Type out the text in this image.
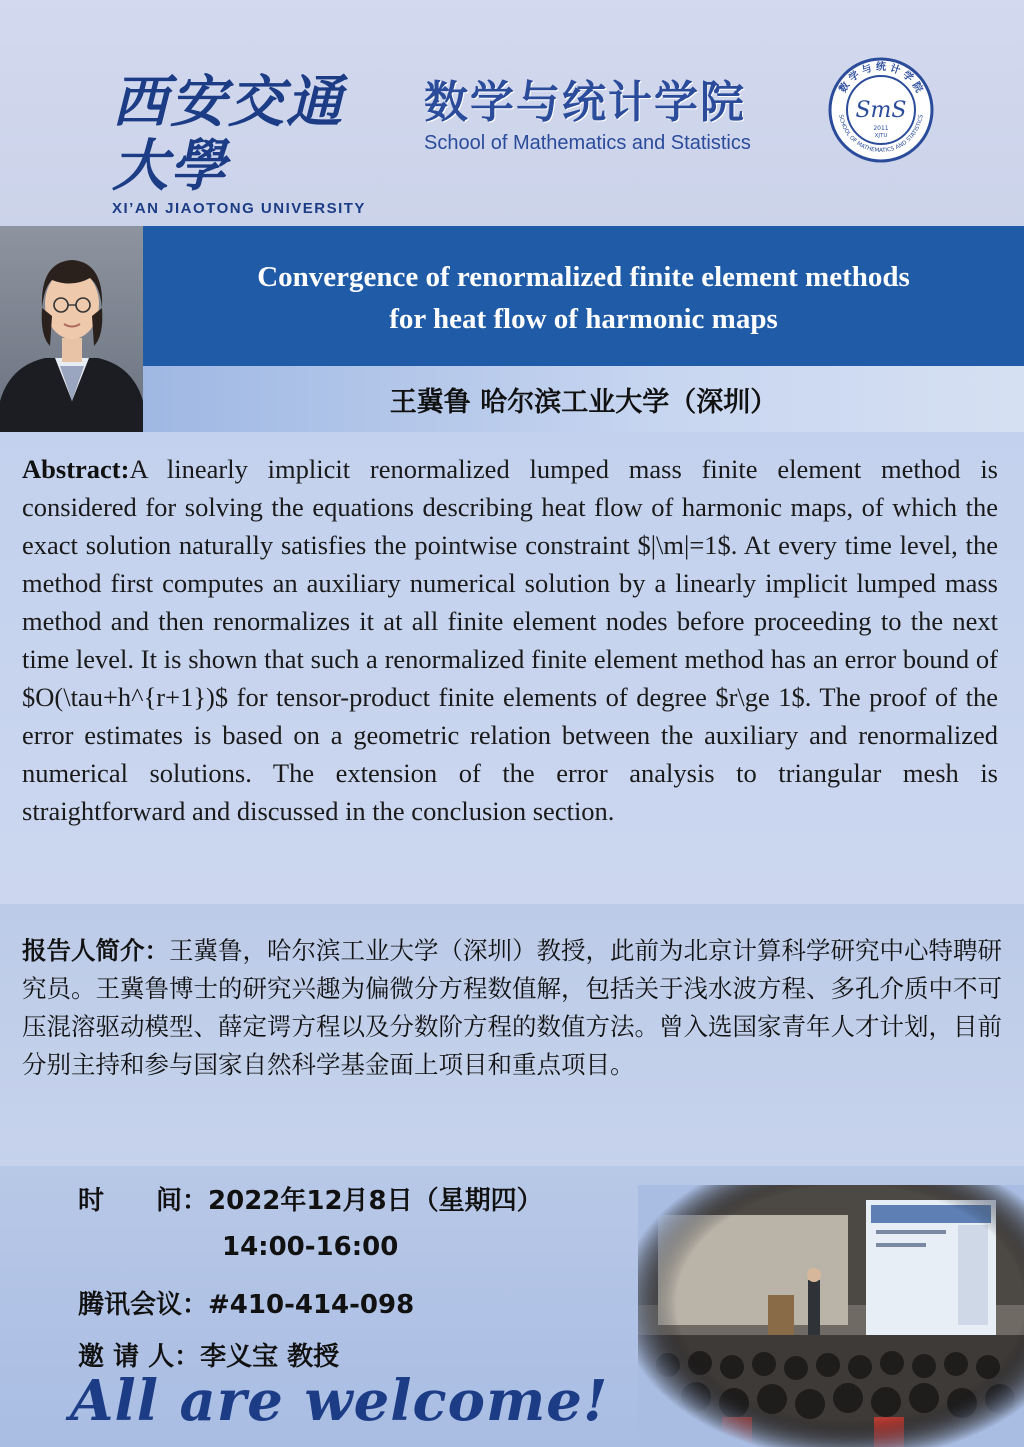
西安交通大學
XI’AN JIAOTONG UNIVERSITY
数学与统计学院
School of Mathematics and Statistics
数 学 与 统 计 学 院
SCHOOL OF MATHEMATICS AND STATISTICS
SmS
2011
XJTU
Convergence of renormalized finite element methods
for heat flow of harmonic maps
王冀鲁 哈尔滨工业大学（深圳）
Abstract:A linearly implicit renormalized lumped mass finite element method is considered for solving the equations describing heat flow of harmonic maps, of which the exact solution naturally satisfies the pointwise constraint $|\m|=1$. At every time level, the method first computes an auxiliary numerical solution by a linearly implicit lumped mass method and then renormalizes it at all finite element nodes before proceeding to the next time level. It is shown that such a renormalized finite element method has an error bound of $O(\tau+h^{r+1})$ for tensor-product finite elements of degree $r\ge 1$. The proof of the error estimates is based on a geometric relation between the auxiliary and renormalized numerical solutions. The extension of the error analysis to triangular mesh is straightforward and discussed in the conclusion section.
报告人简介：王冀鲁，哈尔滨工业大学（深圳）教授，此前为北京计算科学研究中心特聘研究员。王冀鲁博士的研究兴趣为偏微分方程数值解，包括关于浅水波方程、多孔介质中不可压混溶驱动模型、薛定谔方程以及分数阶方程的数值方法。曾入选国家青年人才计划，目前分别主持和参与国家自然科学基金面上项目和重点项目。
时　　间：2022年12月8日（星期四）
14:00-16:00
腾讯会议：#410-414-098
邀 请 人：李义宝 教授
All are welcome!
